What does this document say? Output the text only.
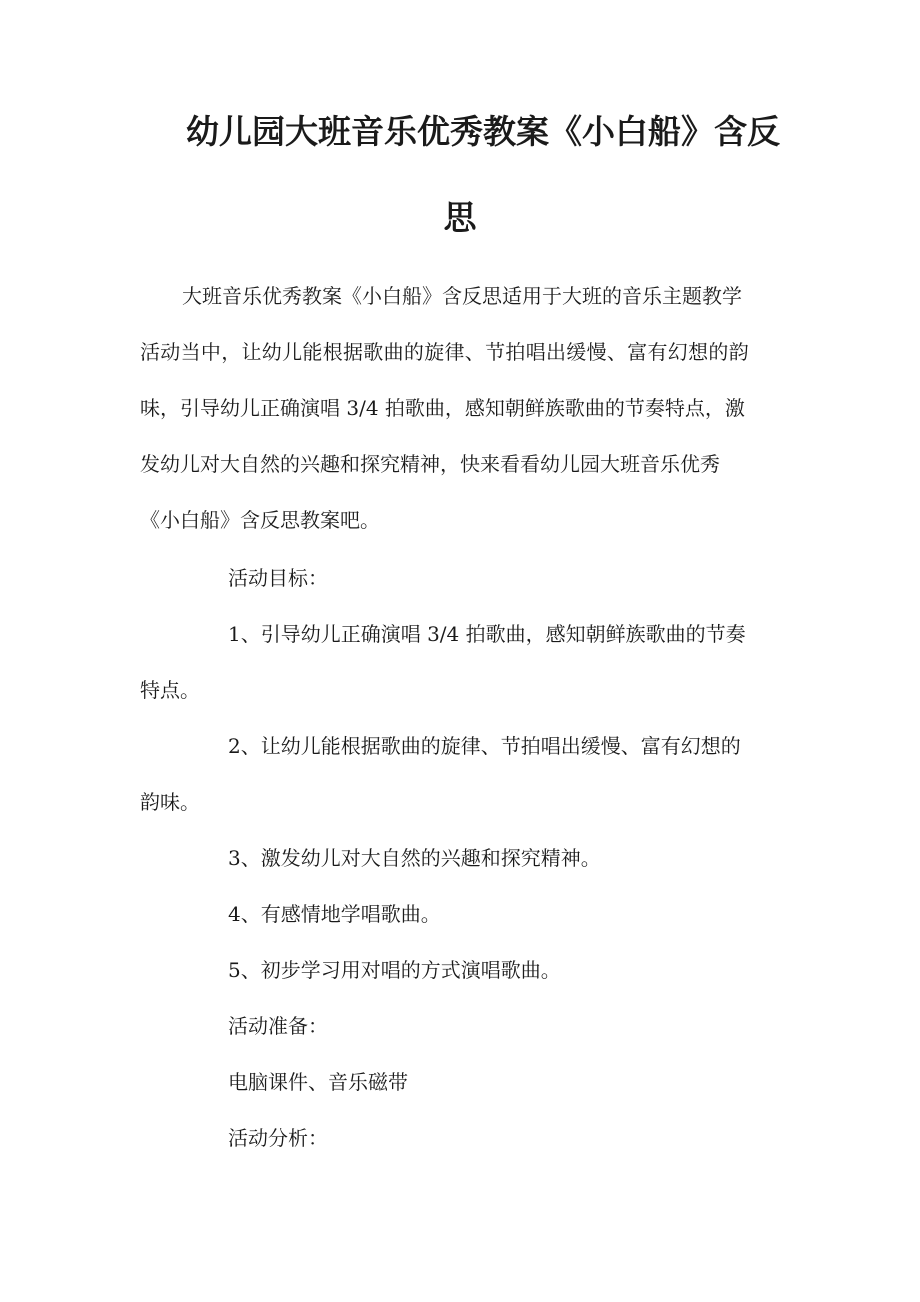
幼儿园大班音乐优秀教案《小白船》含反
思
大班音乐优秀教案《小白船》含反思适用于大班的音乐主题教学
活动当中，让幼儿能根据歌曲的旋律、节拍唱出缓慢、富有幻想的韵
味，引导幼儿正确演唱 3/4 拍歌曲，感知朝鲜族歌曲的节奏特点，激
发幼儿对大自然的兴趣和探究精神，快来看看幼儿园大班音乐优秀
《小白船》含反思教案吧。
活动目标：
1、引导幼儿正确演唱 3/4 拍歌曲，感知朝鲜族歌曲的节奏
特点。
2、让幼儿能根据歌曲的旋律、节拍唱出缓慢、富有幻想的
韵味。
3、激发幼儿对大自然的兴趣和探究精神。
4、有感情地学唱歌曲。
5、初步学习用对唱的方式演唱歌曲。
活动准备：
电脑课件、音乐磁带
活动分析：
